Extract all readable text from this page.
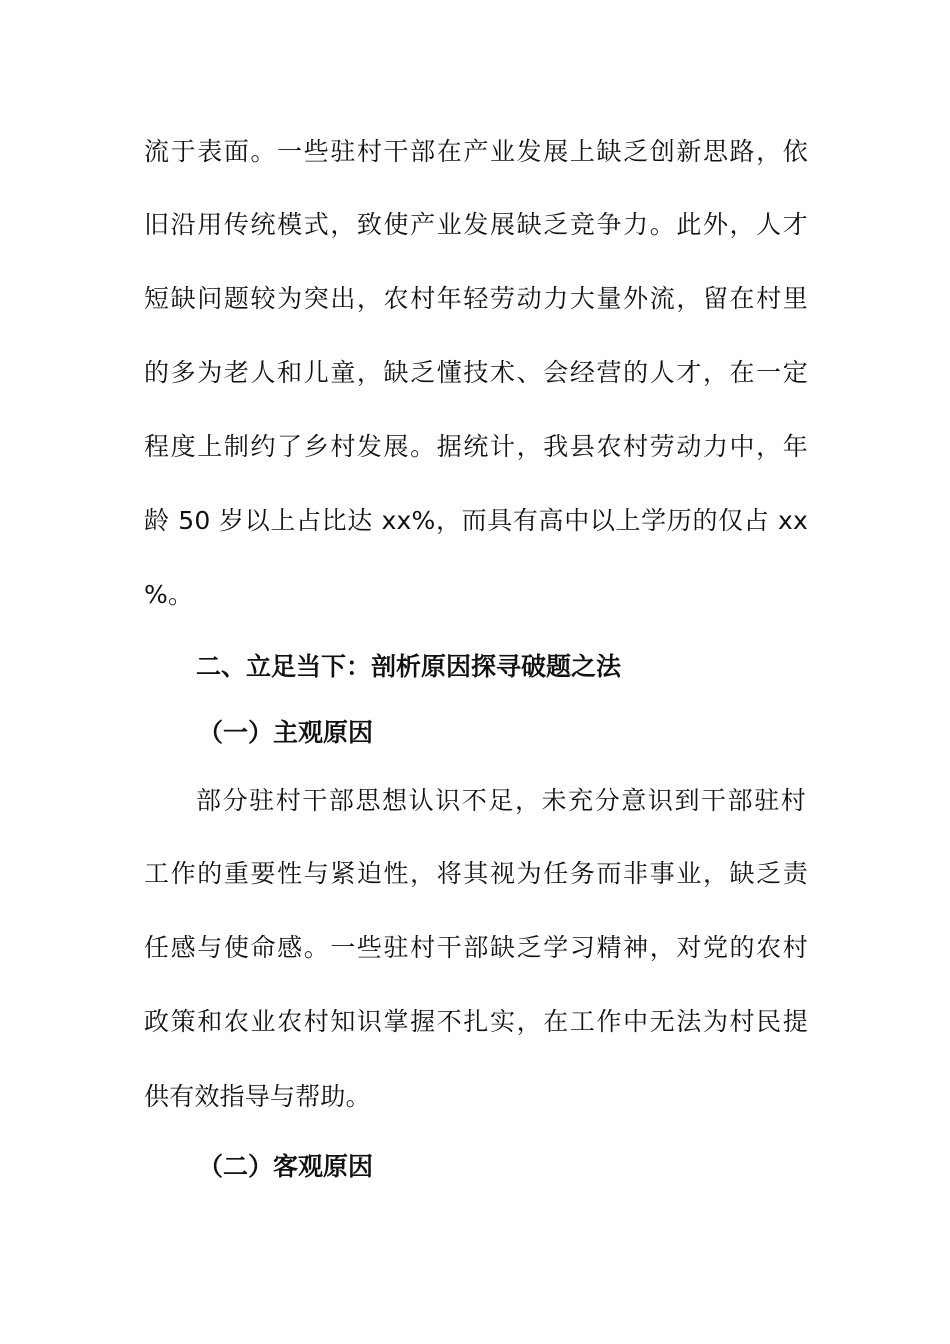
流于表面。一些驻村干部在产业发展上缺乏创新思路，依
旧沿用传统模式，致使产业发展缺乏竞争力。此外，人才
短缺问题较为突出，农村年轻劳动力大量外流，留在村里
的多为老人和儿童，缺乏懂技术、会经营的人才，在一定
程度上制约了乡村发展。据统计，我县农村劳动力中，年
龄 50 岁以上占比达 xx%，而具有高中以上学历的仅占 xx
%。
二、立足当下：剖析原因探寻破题之法
（一）主观原因
部分驻村干部思想认识不足，未充分意识到干部驻村
工作的重要性与紧迫性，将其视为任务而非事业，缺乏责
任感与使命感。一些驻村干部缺乏学习精神，对党的农村
政策和农业农村知识掌握不扎实，在工作中无法为村民提
供有效指导与帮助。
（二）客观原因
